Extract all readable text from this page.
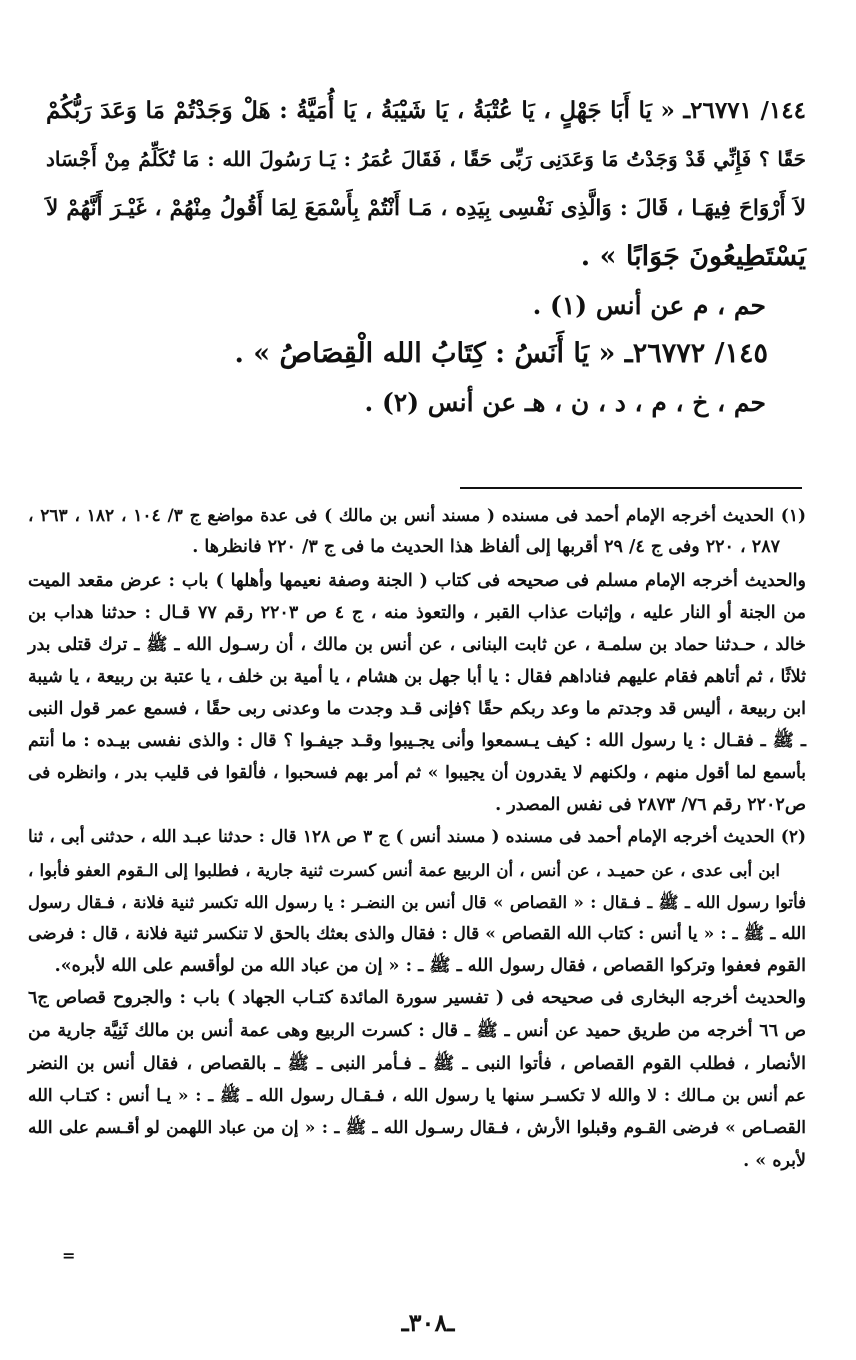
١٤٤/ ٢٦٧٧١ـ « يَا أَبَا جَهْلٍ ، يَا عُتْبَةُ ، يَا شَيْبَةُ ، يَا أُمَيَّةُ : هَلْ وَجَدْتُمْ مَا وَعَدَ رَبُّكُمْ
حَقًا ؟ فَإِنِّي قَدْ وَجَدْتُ مَا وَعَدَنِى رَبِّى حَقًا ، فَقَالَ عُمَرُ : يَـا رَسُولَ الله : مَا تُكَلِّمُ مِنْ أَجْسَاد
لاَ أَرْوَاحَ فِيهَـا ، قَالَ : وَالَّذِى نَفْسِى بِيَدِه ، مَـا أَنْتُمْ بِأَسْمَعَ لِمَا أَقُولُ مِنْهُمْ ، غَيْـرَ أَنَّهُمْ لاَ
يَسْتَطِيعُونَ جَوَابًا » .
حم ، م عن أنس (١) .
١٤٥/ ٢٦٧٧٢ـ « يَا أَنَسُ : كِتَابُ الله الْقِصَاصُ » .
حم ، خ ، م ، د ، ن ، هـ عن أنس (٢) .
(١) الحديث أخرجه الإمام أحمد فى مسنده ( مسند أنس بن مالك ) فى عدة مواضع ج ٣/ ١٠٤ ، ١٨٢ ، ٢٦٣ ،
٢٨٧ ، ٢٢٠ وفى ج ٤/ ٢٩ أقربها إلى ألفاظ هذا الحديث ما فى ج ٣/ ٢٢٠ فانظرها .
والحديث أخرجه الإمام مسلم فى صحيحه فى كتاب ( الجنة وصفة نعيمها وأهلها ) باب : عرض مقعد الميت
من الجنة أو النار عليه ، وإثبات عذاب القبر ، والتعوذ منه ، ج ٤ ص ٢٢٠٣ رقم ٧٧ قـال : حدثنا هداب بن
خالد ، حـدثنا حماد بن سلمـة ، عن ثابت البنانى ، عن أنس بن مالك ، أن رسـول الله ـ ﷺ ـ ترك قتلى بدر
ثلاثًا ، ثم أتاهم فقام عليهم فناداهم فقال : يا أبا جهل بن هشام ، يا أمية بن خلف ، يا عتبة بن ربيعة ، يا شيبة
ابن ربيعة ، أليس قد وجدتم ما وعد ربكم حقًا ؟فإنى قـد وجدت ما وعدنى ربى حقًا ، فسمع عمر قول النبى
ـ ﷺ ـ فقـال : يا رسول الله : كيف يـسمعوا وأنى يجـيبوا وقـد جيفـوا ؟ قال : والذى نفسى بيـده : ما أنتم
بأسمع لما أقول منهم ، ولكنهم لا يقدرون أن يجيبوا » ثم أمر بهم فسحبوا ، فألقوا فى قليب بدر ، وانظره فى
ص٢٢٠٢ رقم ٧٦/ ٢٨٧٣ فى نفس المصدر .
(٢) الحديث أخرجه الإمام أحمد فى مسنده ( مسند أنس ) ج ٣ ص ١٢٨ قال : حدثنا عبـد الله ، حدثنى أبى ، ثنا
ابن أبى عدى ، عن حميـد ، عن أنس ، أن الربيع عمة أنس كسرت ثنية جارية ، فطلبوا إلى الـقوم العفو فأبوا ،
فأتوا رسول الله ـ ﷺ ـ فـقال : « القصاص » قال أنس بن النضـر : يا رسول الله تكسر ثنية فلانة ، فـقال رسول
الله ـ ﷺ ـ : « يا أنس : كتاب الله القصاص » قال : فقال والذى بعثك بالحق لا تنكسر ثنية فلانة ، قال : فرضى
القوم فعفوا وتركوا القصاص ، فقال رسول الله ـ ﷺ ـ : « إن من عباد الله من لوأقسم على الله لأبره».
والحديث أخرجه البخارى فى صحيحه فى ( تفسير سورة المائدة كتـاب الجهاد ) باب : والجروح قصاص ج٦
ص ٦٦ أخرجه من طريق حميد عن أنس ـ ﷺ ـ قال : كسرت الربيع وهى عمة أنس بن مالك ثَنِيَّة جارية من
الأنصار ، فطلب القوم القصاص ، فأتوا النبى ـ ﷺ ـ فـأمر النبى ـ ﷺ ـ بالقصاص ، فقال أنس بن النضر
عم أنس بن مـالك : لا والله لا تكسـر سنها يا رسول الله ، فـقـال رسول الله ـ ﷺ ـ : « يـا أنس : كتـاب الله
القصـاص » فرضى القـوم وقبلوا الأرش ، فـقال رسـول الله ـ ﷺ ـ : « إن من عباد اللهمن لو أقـسم على الله
لأبره » .
=
ـ٣٠٨ـ
